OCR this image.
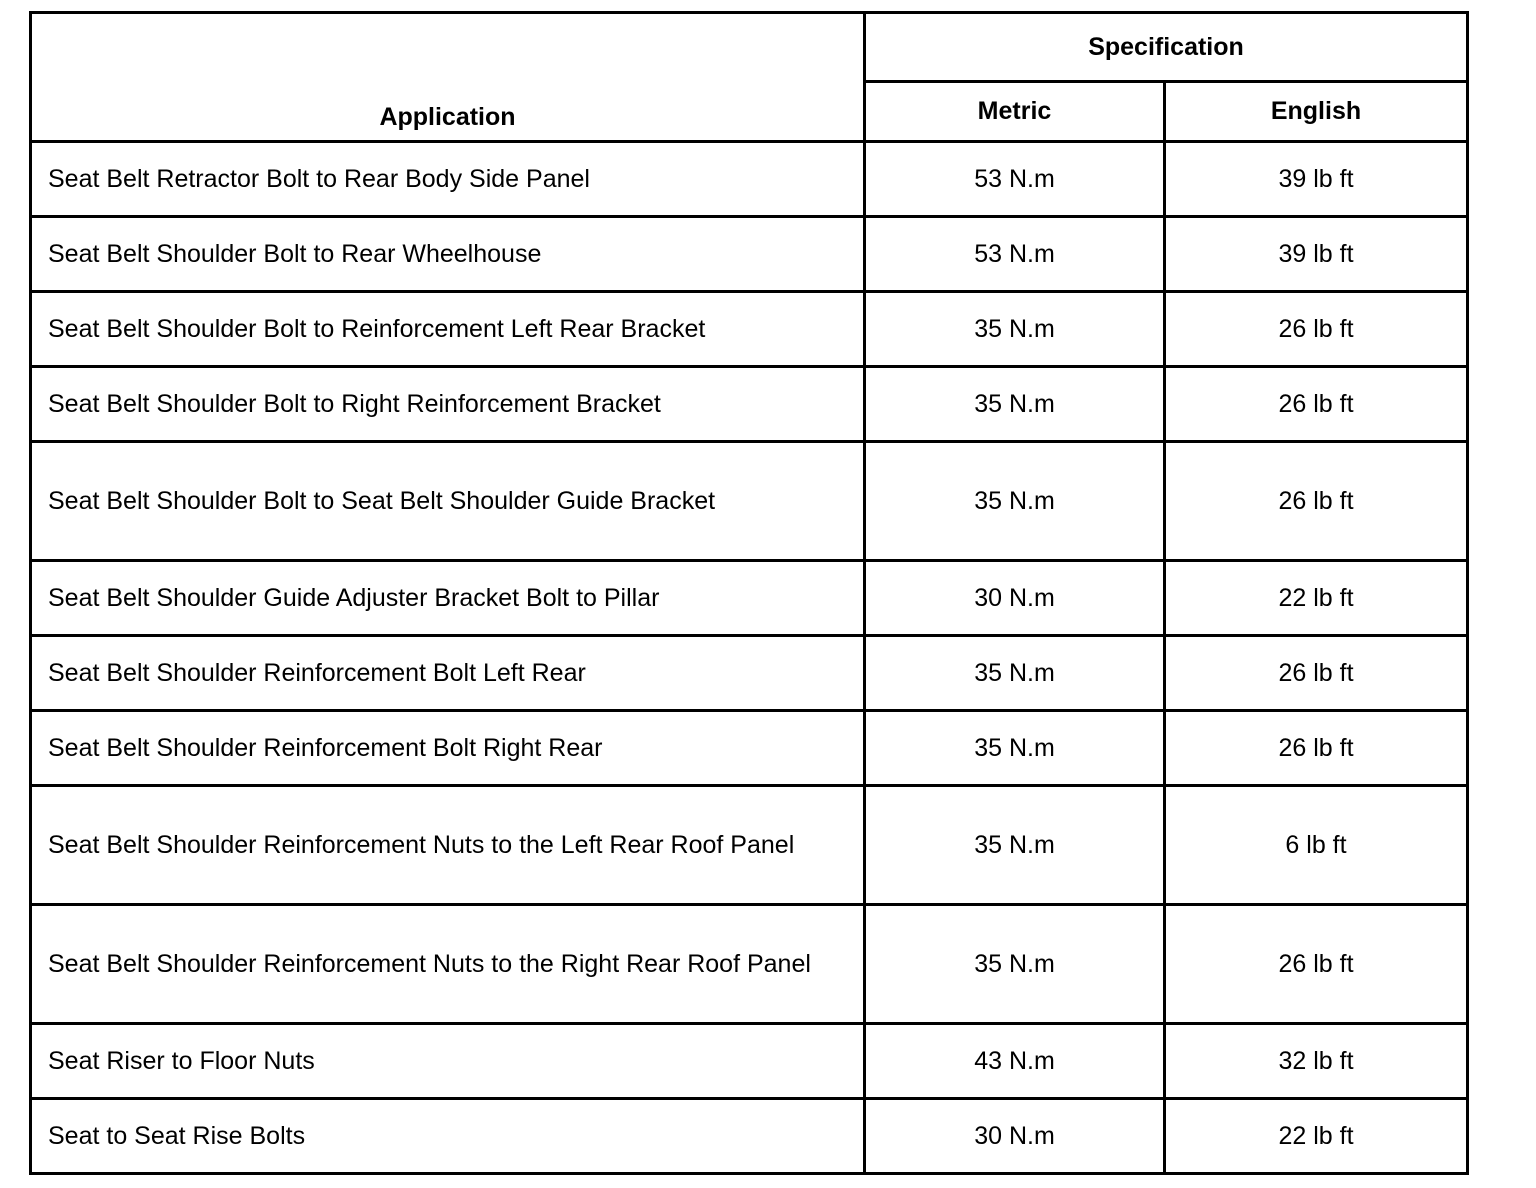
Application	Specification	
	Metric	English
Seat Belt Retractor Bolt to Rear Body Side Panel	53 N.m	39 lb ft
Seat Belt Shoulder Bolt to Rear Wheelhouse	53 N.m	39 lb ft
Seat Belt Shoulder Bolt to Reinforcement Left Rear Bracket	35 N.m	26 lb ft
Seat Belt Shoulder Bolt to Right Reinforcement Bracket	35 N.m	26 lb ft
Seat Belt Shoulder Bolt to Seat Belt Shoulder Guide Bracket	35 N.m	26 lb ft
Seat Belt Shoulder Guide Adjuster Bracket Bolt to Pillar	30 N.m	22 lb ft
Seat Belt Shoulder Reinforcement Bolt Left Rear	35 N.m	26 lb ft
Seat Belt Shoulder Reinforcement Bolt Right Rear	35 N.m	26 lb ft
Seat Belt Shoulder Reinforcement Nuts to the Left Rear Roof Panel	35 N.m	6 lb ft
Seat Belt Shoulder Reinforcement Nuts to the Right Rear Roof Panel	35 N.m	26 lb ft
Seat Riser to Floor Nuts	43 N.m	32 lb ft
Seat to Seat Rise Bolts	30 N.m	22 lb ft
